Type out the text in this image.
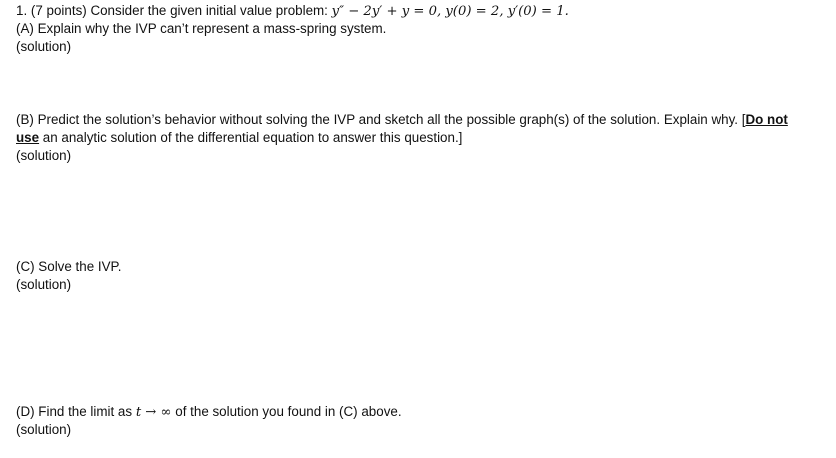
1. (7 points) Consider the given initial value problem: y″ − 2y′ + y = 0, y(0) = 2, y′(0) = 1.
(A) Explain why the IVP can’t represent a mass-spring system.
(solution)
(B) Predict the solution’s behavior without solving the IVP and sketch all the possible graph(s) of the solution. Explain why. [Do not
use an analytic solution of the differential equation to answer this question.]
(solution)
(C) Solve the IVP.
(solution)
(D) Find the limit as t → ∞ of the solution you found in (C) above.
(solution)
